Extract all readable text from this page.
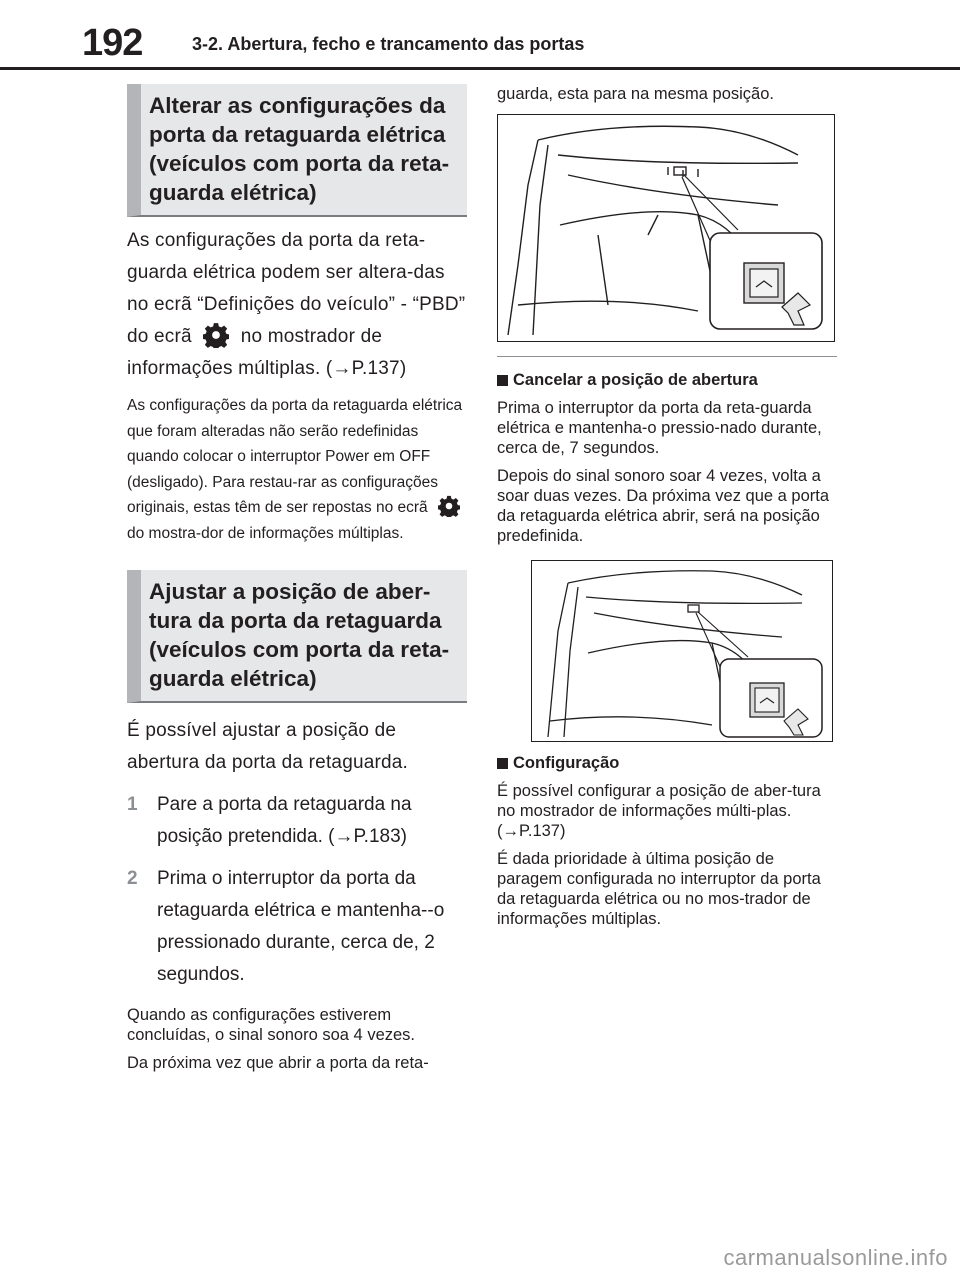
192	3-2. Abertura, fecho e trancamento das portas
Alterar as configurações da porta da retaguarda elétrica (veículos com porta da reta-guarda elétrica)

As configurações da porta da reta-guarda elétrica podem ser altera-das no ecrã “Definições do veículo” - “PBD” do ecrã	no mostrador de informações múltiplas. (→P.137)

As configurações da porta da retaguarda elétrica que foram alteradas não serão redefinidas quando colocar o interruptor Power em OFF (desligado). Para restau-rar as configurações originais, estas têm de ser repostas no ecrã  do mostra-dor de informações múltiplas.

Ajustar a posição de aber-tura da porta da retaguarda (veículos com porta da reta-guarda elétrica)

É possível ajustar a posição de abertura da porta da retaguarda.

1	Pare a porta da retaguarda na posição pretendida. (→P.183)
2	Prima o interruptor da porta da retaguarda elétrica e mantenha--o pressionado durante, cerca de, 2 segundos.

Quando as configurações estiverem concluídas, o sinal sonoro soa 4 vezes.

Da próxima vez que abrir a porta da reta-

guarda, esta para na mesma posição.

Cancelar a posição de abertura

Prima o interruptor da porta da reta-guarda elétrica e mantenha-o pressio-nado durante, cerca de, 7 segundos.

Depois do sinal sonoro soar 4 vezes, volta a soar duas vezes. Da próxima vez que a porta da retaguarda elétrica abrir, será na posição predefinida.

Configuração

É possível configurar a posição de aber-tura no mostrador de informações múlti-plas. (→P.137)

É dada prioridade à última posição de paragem configurada no interruptor da porta da retaguarda elétrica ou no mos-trador de informações múltiplas.

carmanualsonline.info
